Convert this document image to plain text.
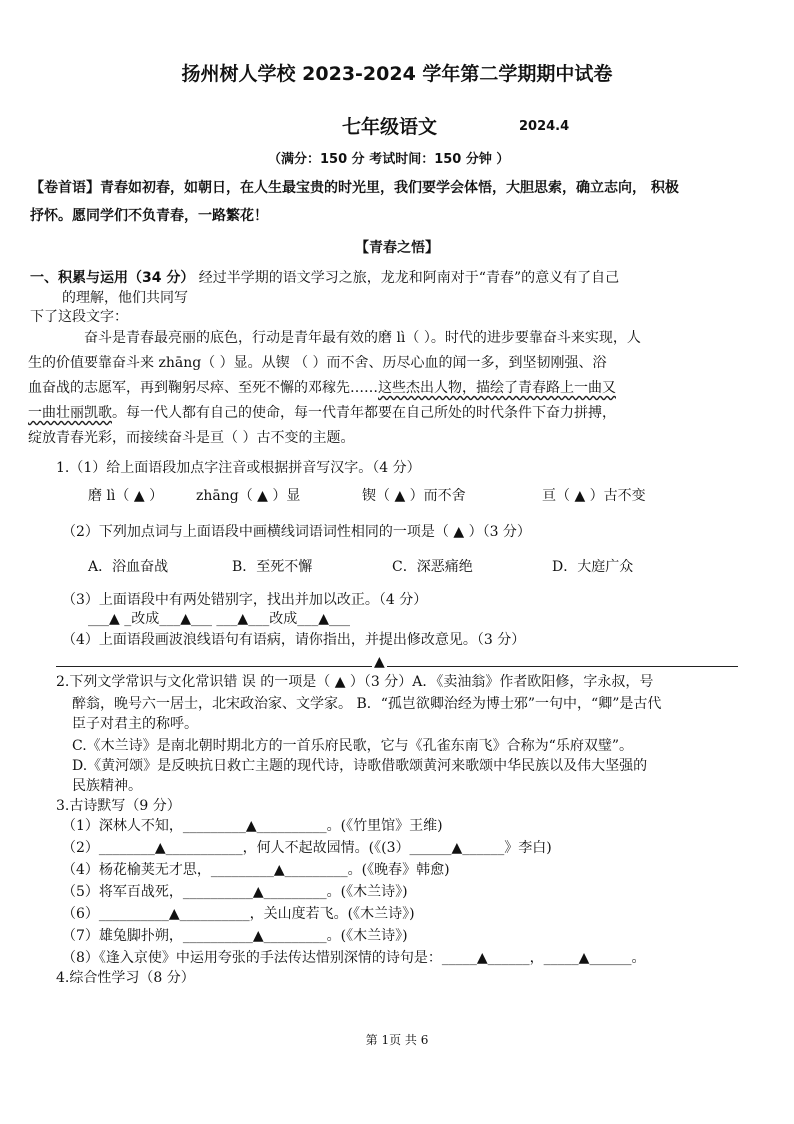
扬州树人学校 2023-2024 学年第二学期期中试卷
七年级语文	2024.4
（满分：150 分 考试时间：150 分钟 ）
【卷首语】青春如初春，如朝日，在人生最宝贵的时光里，我们要学会体悟，大胆思索，确立志向， 积极
抒怀。愿同学们不负青春，一路繁花！
【青春之悟】
一、积累与运用（34 分） 经过半学期的语文学习之旅，龙龙和阿南对于“青春”的意义有了自己
的理解，他们共同写
下了这段文字：
奋斗是青春最亮丽的底色，行动是青年最有效的磨 lì（ ）。时代的进步要靠奋斗来实现，人
生的价值要靠奋斗来 zhāng（ ）显。从锲 （ ）而不舍、历尽心血的闻一多，到坚韧刚强、浴
血奋战的志愿军，再到鞠躬尽瘁、至死不懈的邓稼先……这些杰出人物，描绘了青春路上一曲又
一曲壮丽凯歌。每一代人都有自己的使命，每一代青年都要在自己所处的时代条件下奋力拼搏，
绽放青春光彩，而接续奋斗是亘（ ）古不变的主题。
1.（1）给上面语段加点字注音或根据拼音写汉字。（4 分）
磨 lì（ ▲ ） zhāng（ ▲ ）显	锲（ ▲ ）而不舍	亘（ ▲ ）古不变
（2）下列加点词与上面语段中画横线词语词性相同的一项是（ ▲ ）（3 分）
A．浴血奋战	B．至死不懈	C．深恶痛绝	D．大庭广众
（3）上面语段中有两处错别字，找出并加以改正。（4 分）
___▲ _改成___▲___ ___▲___改成___▲___
（4）上面语段画波浪线语句有语病，请你指出，并提出修改意见。（3 分）
▲
2.下列文学常识与文化常识错 误 的一项是（ ▲ ）（3 分）A．《卖油翁》作者欧阳修，字永叔，号
醉翁，晚号六一居士，北宋政治家、文学家。 B．“孤岂欲卿治经为博士邪”一句中，“卿”是古代
臣子对君主的称呼。
C.《木兰诗》是南北朝时期北方的一首乐府民歌，它与《孔雀东南飞》合称为“乐府双璧”。
D.《黄河颂》是反映抗日救亡主题的现代诗，诗歌借歌颂黄河来歌颂中华民族以及伟大坚强的
民族精神。
3.古诗默写（9 分）
（1）深林人不知，_________▲__________。(《竹里馆》王维)
（2）________▲___________，何人不起故园情。(《(3）______▲______》李白)
（4）杨花榆荚无才思，_________▲_________。(《晚春》韩愈)
（5）将军百战死，__________▲_________。(《木兰诗》)
（6）__________▲__________，关山度若飞。(《木兰诗》)
（7）雄兔脚扑朔，__________▲_________。(《木兰诗》)
（8）《逢入京使》中运用夸张的手法传达惜别深情的诗句是：_____▲______，_____▲______。
4.综合性学习（8 分）
第 1页 共 6
